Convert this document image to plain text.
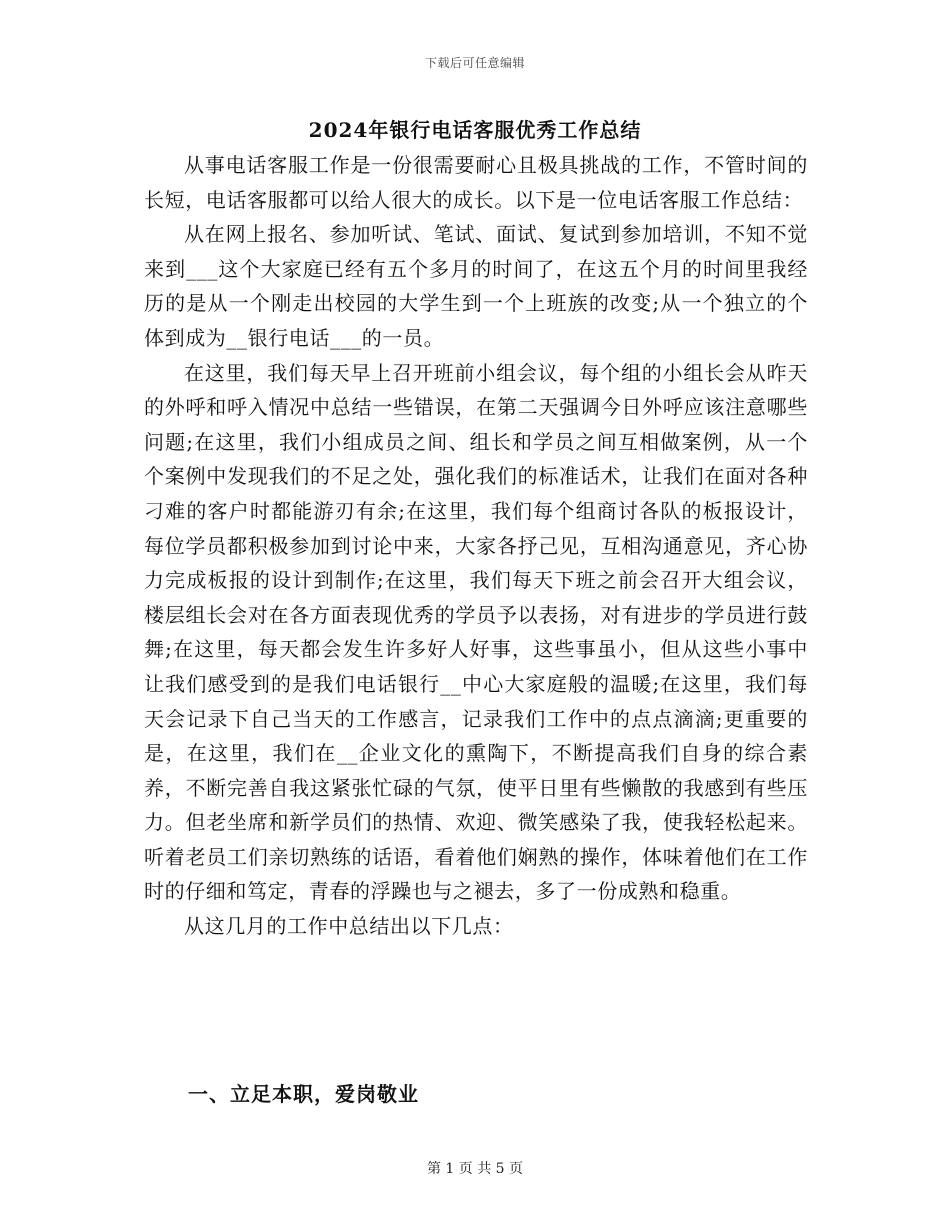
下载后可任意编辑
2024年银行电话客服优秀工作总结

从事电话客服工作是一份很需要耐心且极具挑战的工作，不管时间的长短，电话客服都可以给人很大的成长。以下是一位电话客服工作总结：

从在网上报名、参加听试、笔试、面试、复试到参加培训，不知不觉来到___这个大家庭已经有五个多月的时间了，在这五个月的时间里我经历的是从一个刚走出校园的大学生到一个上班族的改变;从一个独立的个体到成为__银行电话___的一员。

在这里，我们每天早上召开班前小组会议，每个组的小组长会从昨天的外呼和呼入情况中总结一些错误，在第二天强调今日外呼应该注意哪些问题;在这里，我们小组成员之间、组长和学员之间互相做案例，从一个个案例中发现我们的不足之处，强化我们的标准话术，让我们在面对各种刁难的客户时都能游刃有余;在这里，我们每个组商讨各队的板报设计，每位学员都积极参加到讨论中来，大家各抒己见，互相沟通意见，齐心协力完成板报的设计到制作;在这里，我们每天下班之前会召开大组会议，楼层组长会对在各方面表现优秀的学员予以表扬，对有进步的学员进行鼓舞;在这里，每天都会发生许多好人好事，这些事虽小，但从这些小事中让我们感受到的是我们电话银行__中心大家庭般的温暖;在这里，我们每天会记录下自己当天的工作感言，记录我们工作中的点点滴滴;更重要的是，在这里，我们在__企业文化的熏陶下，不断提高我们自身的综合素养，不断完善自我这紧张忙碌的气氛，使平日里有些懒散的我感到有些压力。但老坐席和新学员们的热情、欢迎、微笑感染了我，使我轻松起来。听着老员工们亲切熟练的话语，看着他们娴熟的操作，体味着他们在工作时的仔细和笃定，青春的浮躁也与之褪去，多了一份成熟和稳重。

从这几月的工作中总结出以下几点：

一、立足本职，爱岗敬业
第 1 页 共 5 页
